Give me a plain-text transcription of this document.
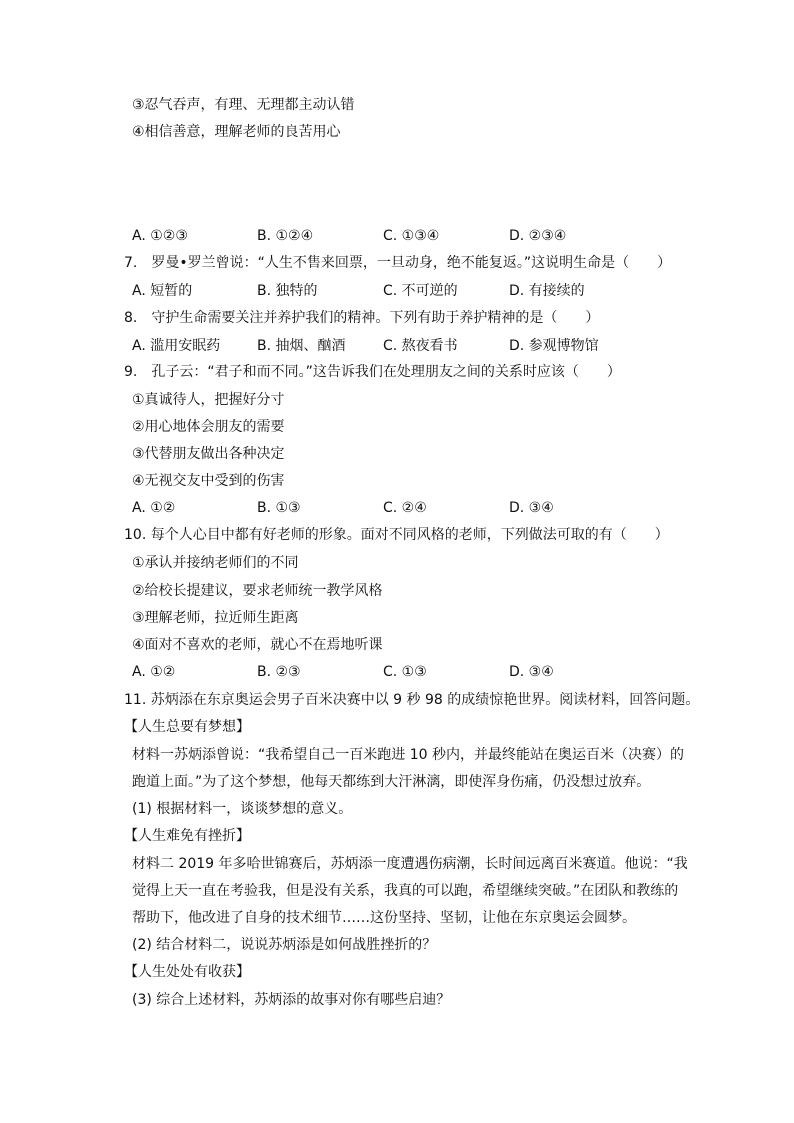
③忍气吞声，有理、无理都主动认错
④相信善意，理解老师的良苦用心
A. ①②③	B. ①②④	C. ①③④	D. ②③④
7.　罗曼•罗兰曾说：“人生不售来回票，一旦动身，绝不能复返。”这说明生命是（　　）
A. 短暂的	B. 独特的	C. 不可逆的	D. 有接续的
8.　守护生命需要关注并养护我们的精神。下列有助于养护精神的是（　　）
A. 滥用安眠药	B. 抽烟、酗酒	C. 熬夜看书	D. 参观博物馆
9.　孔子云：“君子和而不同。”这告诉我们在处理朋友之间的关系时应该（　　）
①真诚待人，把握好分寸
②用心地体会朋友的需要
③代替朋友做出各种决定
④无视交友中受到的伤害
A. ①②	B. ①③	C. ②④	D. ③④
10. 每个人心目中都有好老师的形象。面对不同风格的老师，下列做法可取的有（　　）
①承认并接纳老师们的不同
②给校长提建议，要求老师统一教学风格
③理解老师，拉近师生距离
④面对不喜欢的老师，就心不在焉地听课
A. ①②	B. ②③	C. ①③	D. ③④
11. 苏炳添在东京奥运会男子百米决赛中以 9 秒 98 的成绩惊艳世界。阅读材料，回答问题。
【人生总要有梦想】
材料一苏炳添曾说：“我希望自己一百米跑进 10 秒内，并最终能站在奥运百米（决赛）的
跑道上面。”为了这个梦想，他每天都练到大汗淋漓，即使浑身伤痛，仍没想过放弃。
(1) 根据材料一，谈谈梦想的意义。
【人生难免有挫折】
材料二 2019 年多哈世锦赛后，苏炳添一度遭遇伤病潮，长时间远离百米赛道。他说：“我
觉得上天一直在考验我，但是没有关系，我真的可以跑，希望继续突破。”在团队和教练的
帮助下，他改进了自身的技术细节……这份坚持、坚韧，让他在东京奥运会圆梦。
(2) 结合材料二，说说苏炳添是如何战胜挫折的？
【人生处处有收获】
(3) 综合上述材料，苏炳添的故事对你有哪些启迪？
